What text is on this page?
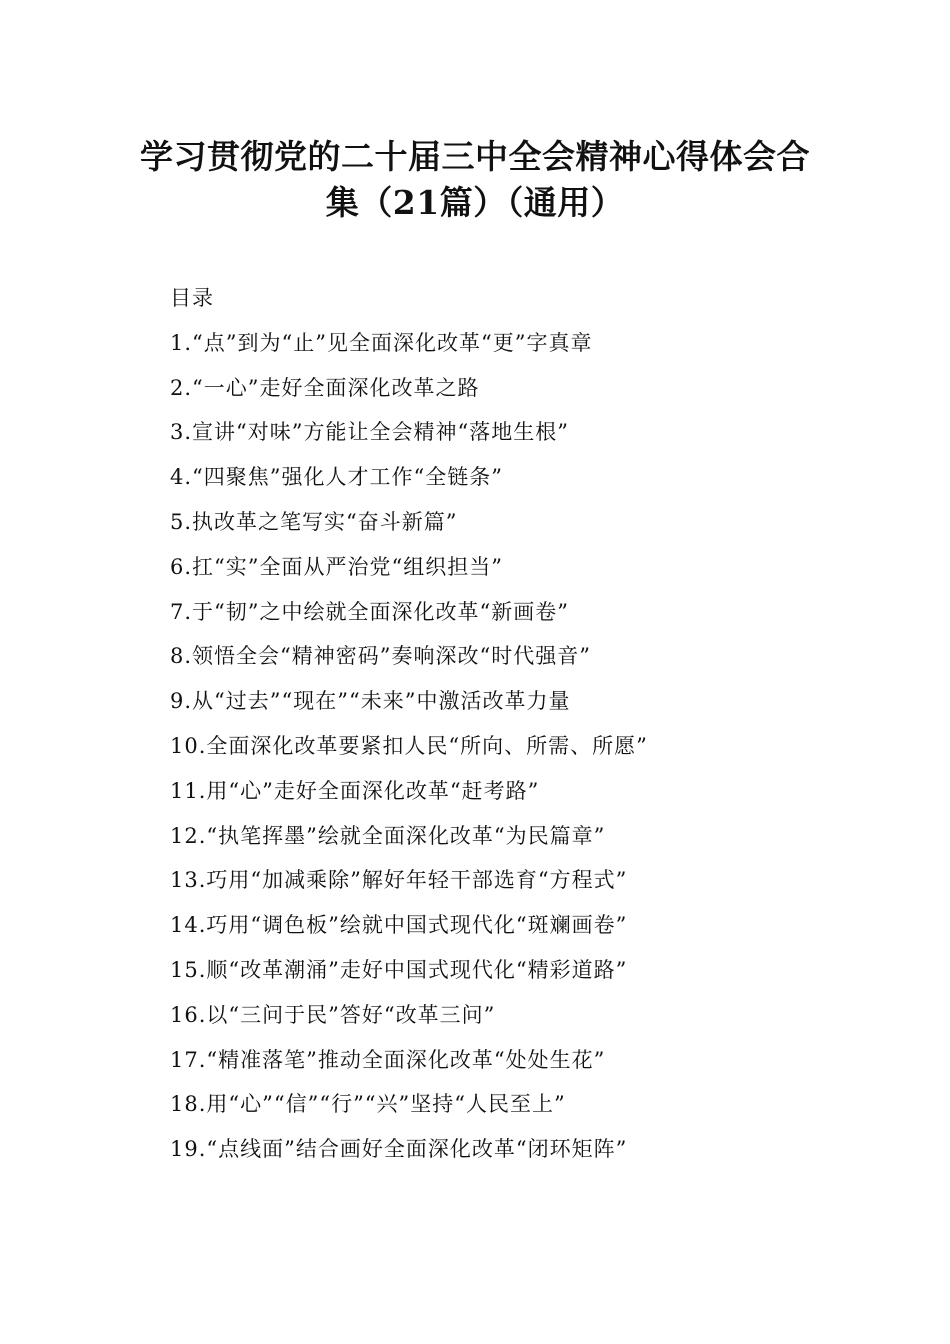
学习贯彻党的二十届三中全会精神心得体会合
集（21篇）（通用）
目录
1.“点”到为“止”见全面深化改革“更”字真章
2.“一心”走好全面深化改革之路
3.宣讲“对味”方能让全会精神“落地生根”
4.“四聚焦”强化人才工作“全链条”
5.执改革之笔写实“奋斗新篇”
6.扛“实”全面从严治党“组织担当”
7.于“韧”之中绘就全面深化改革“新画卷”
8.领悟全会“精神密码”奏响深改“时代强音”
9.从“过去”“现在”“未来”中激活改革力量
10.全面深化改革要紧扣人民“所向、所需、所愿”
11.用“心”走好全面深化改革“赶考路”
12.“执笔挥墨”绘就全面深化改革“为民篇章”
13.巧用“加减乘除”解好年轻干部选育“方程式”
14.巧用“调色板”绘就中国式现代化“斑斓画卷”
15.顺“改革潮涌”走好中国式现代化“精彩道路”
16.以“三问于民”答好“改革三问”
17.“精准落笔”推动全面深化改革“处处生花”
18.用“心”“信”“行”“兴”坚持“人民至上”
19.“点线面”结合画好全面深化改革“闭环矩阵”
